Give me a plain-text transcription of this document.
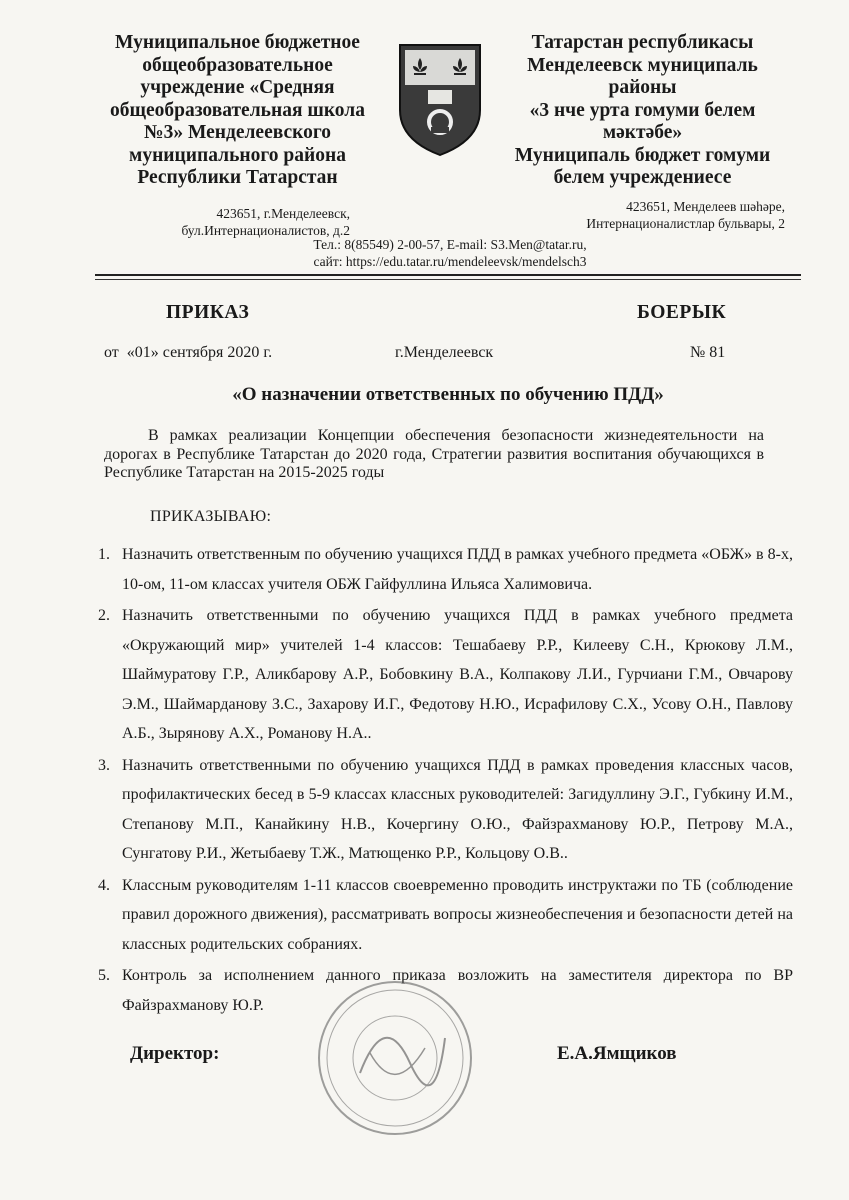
Муниципальное бюджетное
общеобразовательное
учреждение «Средняя
общеобразовательная школа
№3» Менделеевского
муниципального района
Республики Татарстан
Татарстан республикасы
Менделеевск муниципаль
районы
«3 нче урта гомуми белем
мәктәбе»
Муниципаль бюджет гомуми
белем учреждениесе
423651, г.Менделеевск,
бул.Интернационалистов, д.2
423651, Менделеев шәһәре,
Интернационалистлар бульвары, 2
Тел.: 8(85549) 2-00-57, E-mail: S3.Men@tatar.ru,
сайт: https://edu.tatar.ru/mendeleevsk/mendelsch3
ПРИКАЗ	БОЕРЫК
от  «01» сентября 2020 г.	г.Менделеевск	№ 81
«О назначении ответственных по обучению ПДД»
В рамках реализации Концепции обеспечения безопасности жизнедеятельности на дорогах в Республике Татарстан до 2020 года, Стратегии развития воспитания обучающихся в Республике Татарстан на 2015-2025 годы
ПРИКАЗЫВАЮ:
1. Назначить ответственным по обучению учащихся ПДД в рамках учебного предмета «ОБЖ» в 8-х, 10-ом, 11-ом классах учителя ОБЖ Гайфуллина Ильяса Халимовича.
2. Назначить ответственными по обучению учащихся ПДД в рамках учебного предмета «Окружающий мир» учителей 1-4 классов: Тешабаеву Р.Р., Килееву С.Н., Крюкову Л.М., Шаймуратову Г.Р., Аликбарову А.Р., Бобовкину В.А., Колпакову Л.И., Гурчиани Г.М., Овчарову Э.М., Шаймарданову З.С., Захарову И.Г., Федотову Н.Ю., Исрафилову С.Х., Усову О.Н., Павлову А.Б., Зырянову А.Х., Романову Н.А..
3. Назначить ответственными по обучению учащихся ПДД в рамках проведения классных часов, профилактических бесед в 5-9 классах классных руководителей: Загидуллину Э.Г., Губкину И.М., Степанову М.П., Канайкину Н.В., Кочергину О.Ю., Файзрахманову Ю.Р., Петрову М.А., Сунгатову Р.И., Жетыбаеву Т.Ж., Матющенко Р.Р., Кольцову О.В..
4. Классным руководителям 1-11 классов своевременно проводить инструктажи по ТБ (соблюдение правил дорожного движения), рассматривать вопросы жизнеобеспечения и безопасности детей на классных родительских собраниях.
5. Контроль за исполнением данного приказа возложить на заместителя директора по ВР Файзрахманову Ю.Р.
Директор:	Е.А.Ямщиков
